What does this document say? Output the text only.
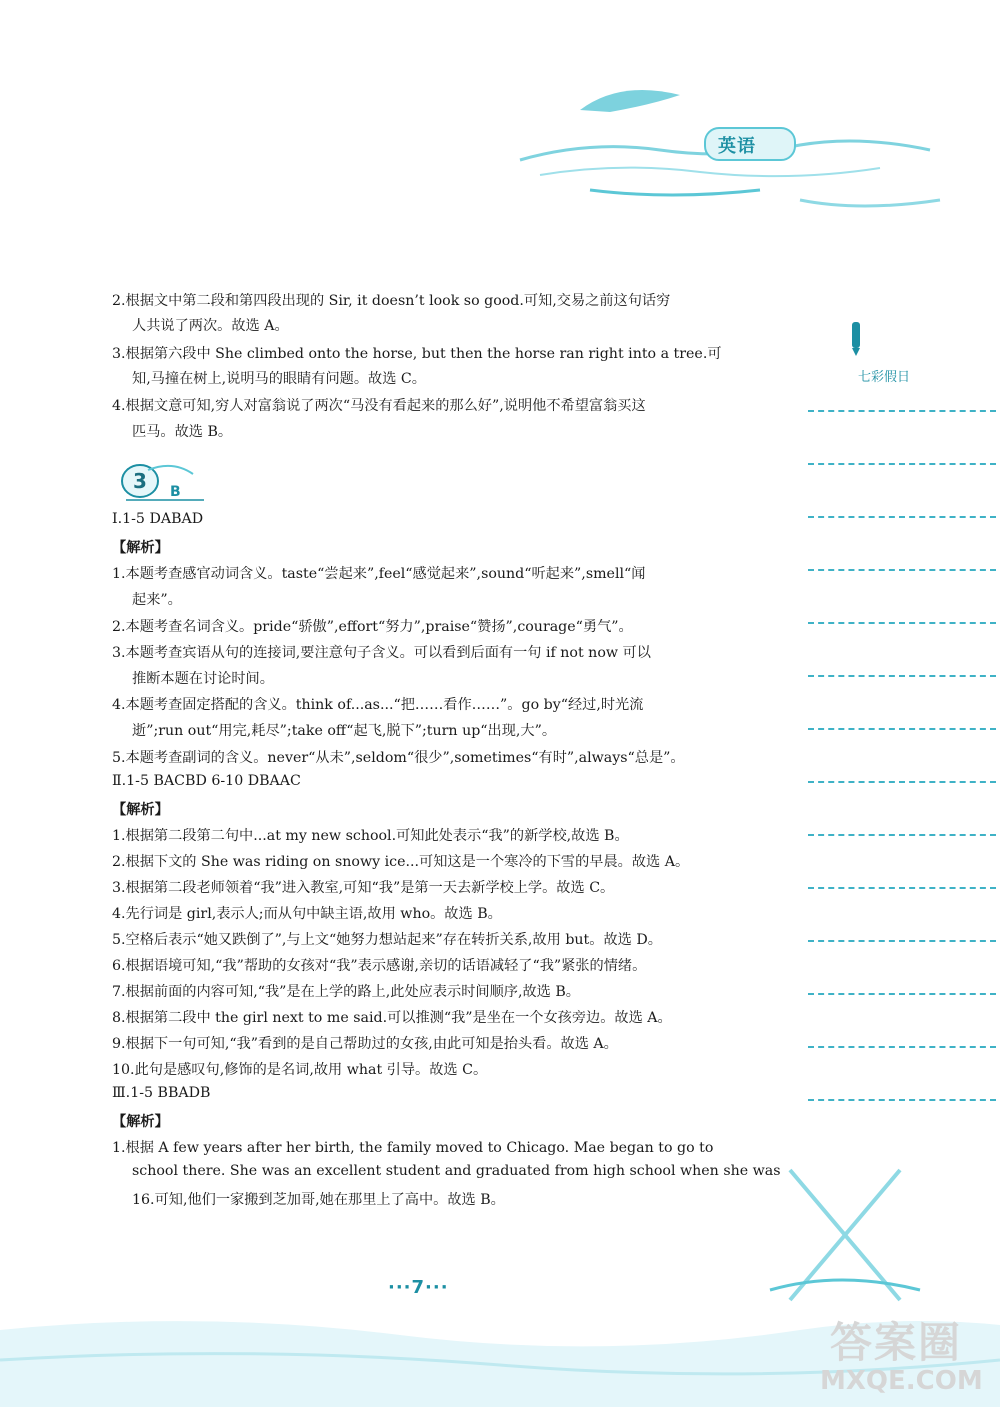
英语
七彩假日
3 B
2.根据文中第二段和第四段出现的 Sir, it doesn’t look so good.可知,交易之前这句话穷
人共说了两次。故选 A。
3.根据第六段中 She climbed onto the horse, but then the horse ran right into a tree.可
知,马撞在树上,说明马的眼睛有问题。故选 C。
4.根据文意可知,穷人对富翁说了两次“马没有看起来的那么好”,说明他不希望富翁买这
匹马。故选 B。
Ⅰ.1-5 DABAD
【解析】
1.本题考查感官动词含义。taste“尝起来”,feel“感觉起来”,sound“听起来”,smell“闻
起来”。
2.本题考查名词含义。pride“骄傲”,effort“努力”,praise“赞扬”,courage“勇气”。
3.本题考查宾语从句的连接词,要注意句子含义。可以看到后面有一句 if not now 可以
推断本题在讨论时间。
4.本题考查固定搭配的含义。think of...as...“把……看作……”。go by“经过,时光流
逝”;run out“用完,耗尽”;take off“起飞,脱下”;turn up“出现,大”。
5.本题考查副词的含义。never“从未”,seldom“很少”,sometimes“有时”,always“总是”。
Ⅱ.1-5 BACBD 6-10 DBAAC
【解析】
1.根据第二段第二句中...at my new school.可知此处表示“我”的新学校,故选 B。
2.根据下文的 She was riding on snowy ice...可知这是一个寒冷的下雪的早晨。故选 A。
3.根据第二段老师领着“我”进入教室,可知“我”是第一天去新学校上学。故选 C。
4.先行词是 girl,表示人;而从句中缺主语,故用 who。故选 B。
5.空格后表示“她又跌倒了”,与上文“她努力想站起来”存在转折关系,故用 but。故选 D。
6.根据语境可知,“我”帮助的女孩对“我”表示感谢,亲切的话语减轻了“我”紧张的情绪。
7.根据前面的内容可知,“我”是在上学的路上,此处应表示时间顺序,故选 B。
8.根据第二段中 the girl next to me said.可以推测“我”是坐在一个女孩旁边。故选 A。
9.根据下一句可知,“我”看到的是自己帮助过的女孩,由此可知是抬头看。故选 A。
10.此句是感叹句,修饰的是名词,故用 what 引导。故选 C。
Ⅲ.1-5 BBADB
【解析】
1.根据 A few years after her birth, the family moved to Chicago. Mae began to go to
school there. She was an excellent student and graduated from high school when she was
16.可知,他们一家搬到芝加哥,她在那里上了高中。故选 B。
···7···
答案圈
MXQE.COM
